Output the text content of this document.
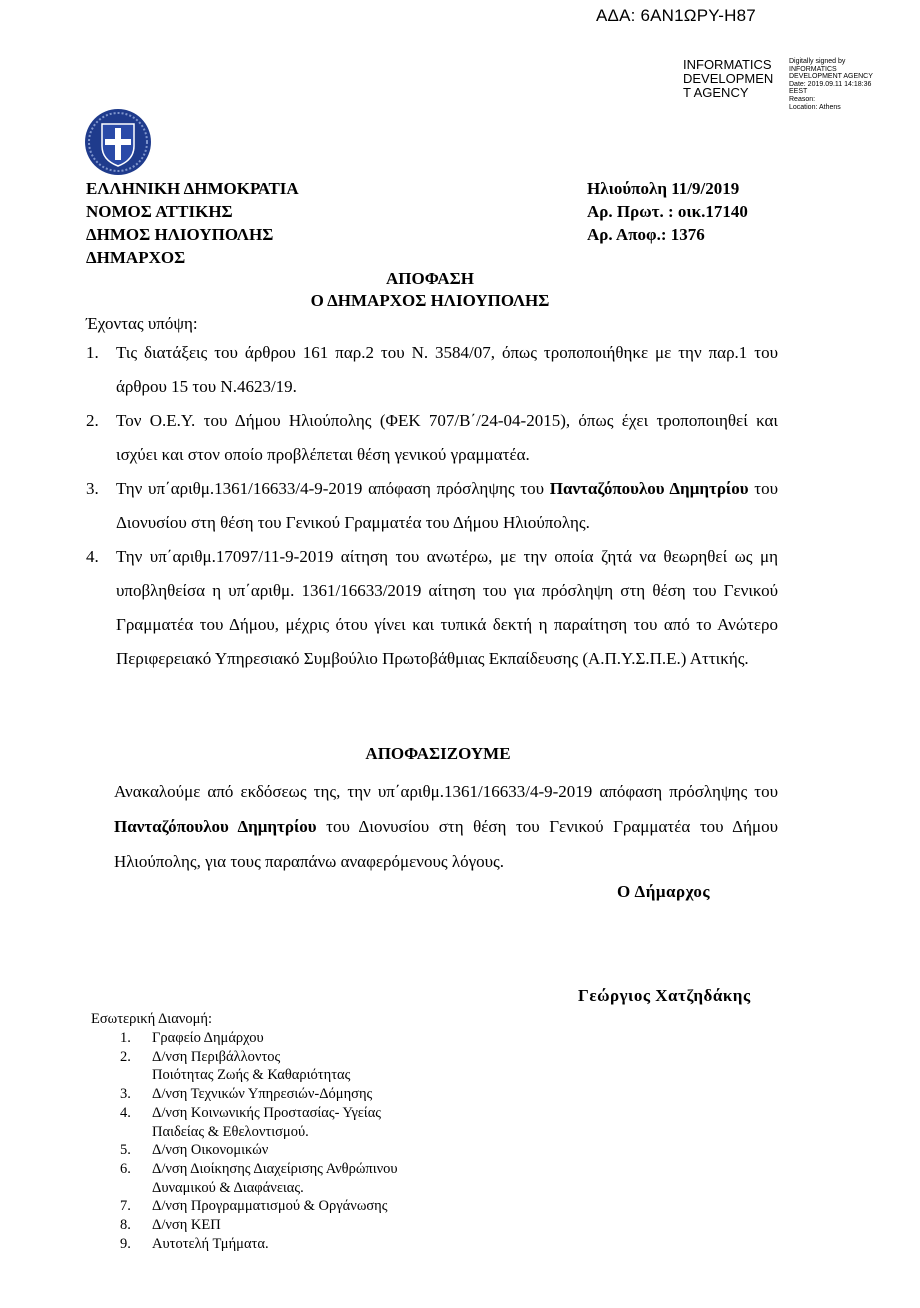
ΑΔΑ: 6ΑΝ1ΩΡΥ-Η87
INFORMATICS
DEVELOPMEN
T AGENCY
Digitally signed by
INFORMATICS
DEVELOPMENT AGENCY
Date: 2019.09.11 14:18:36
EEST
Reason:
Location: Athens
ΕΛΛΗΝΙΚΗ ΔΗΜΟΚΡΑΤΙΑ
ΝΟΜΟΣ ΑΤΤΙΚΗΣ
ΔΗΜΟΣ ΗΛΙΟΥΠΟΛΗΣ
ΔΗΜΑΡΧΟΣ
Ηλιούπολη 11/9/2019
Αρ. Πρωτ. : οικ.17140
Αρ. Αποφ.: 1376
ΑΠΟΦΑΣΗ
Ο ΔΗΜΑΡΧΟΣ ΗΛΙΟΥΠΟΛΗΣ
Έχοντας υπόψη:
1. Τις διατάξεις του άρθρου 161 παρ.2 του Ν. 3584/07, όπως τροποποιήθηκε με την παρ.1 του άρθρου 15 του Ν.4623/19.
2. Τον Ο.Ε.Υ. του Δήμου Ηλιούπολης (ΦΕΚ 707/Β΄/24-04-2015), όπως έχει τροποποιηθεί και ισχύει και στον οποίο προβλέπεται θέση γενικού γραμματέα.
3. Την υπ΄αριθμ.1361/16633/4-9-2019 απόφαση πρόσληψης του Πανταζόπουλου Δημητρίου του Διονυσίου στη θέση του Γενικού Γραμματέα του Δήμου Ηλιούπολης.
4. Την υπ΄αριθμ.17097/11-9-2019 αίτηση του ανωτέρω, με την οποία ζητά να θεωρηθεί ως μη υποβληθείσα η υπ΄αριθμ. 1361/16633/2019 αίτηση του για πρόσληψη στη θέση του Γενικού Γραμματέα του Δήμου, μέχρις ότου γίνει και τυπικά δεκτή η παραίτηση του από το Ανώτερο Περιφερειακό Υπηρεσιακό Συμβούλιο Πρωτοβάθμιας Εκπαίδευσης (Α.Π.Υ.Σ.Π.Ε.) Αττικής.
ΑΠΟΦΑΣΙΖΟΥΜΕ
Ανακαλούμε από εκδόσεως της, την υπ΄αριθμ.1361/16633/4-9-2019 απόφαση πρόσληψης του Πανταζόπουλου Δημητρίου του Διονυσίου στη θέση του Γενικού Γραμματέα του Δήμου Ηλιούπολης, για τους παραπάνω αναφερόμενους λόγους.
Ο Δήμαρχος
Γεώργιος Χατζηδάκης
Εσωτερική Διανομή:
1. Γραφείο Δημάρχου
2. Δ/νση Περιβάλλοντος
Ποιότητας Ζωής & Καθαριότητας
3. Δ/νση Τεχνικών Υπηρεσιών-Δόμησης
4. Δ/νση Κοινωνικής Προστασίας- Υγείας
Παιδείας & Εθελοντισμού.
5. Δ/νση Οικονομικών
6. Δ/νση Διοίκησης Διαχείρισης Ανθρώπινου
Δυναμικού & Διαφάνειας.
7. Δ/νση Προγραμματισμού & Οργάνωσης
8. Δ/νση ΚΕΠ
9. Αυτοτελή Τμήματα.
